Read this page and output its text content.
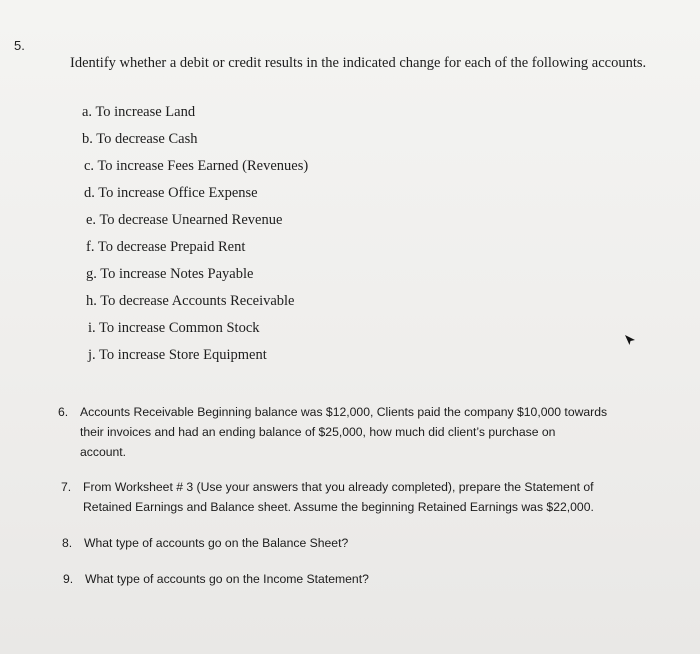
5.
Identify whether a debit or credit results in the indicated change for each of the following accounts.
a. To increase Land
b. To decrease Cash
c. To increase Fees Earned (Revenues)
d. To increase Office Expense
e. To decrease Unearned Revenue
f. To decrease Prepaid Rent
g. To increase Notes Payable
h. To decrease Accounts Receivable
i. To increase Common Stock
j. To increase Store Equipment
6. Accounts Receivable Beginning balance was $12,000, Clients paid the company $10,000 towards
their invoices and had an ending balance of $25,000, how much did client’s purchase on
account.
7. From Worksheet # 3 (Use your answers that you already completed), prepare the Statement of
Retained Earnings and Balance sheet. Assume the beginning Retained Earnings was $22,000.
8. What type of accounts go on the Balance Sheet?
9. What type of accounts go on the Income Statement?
